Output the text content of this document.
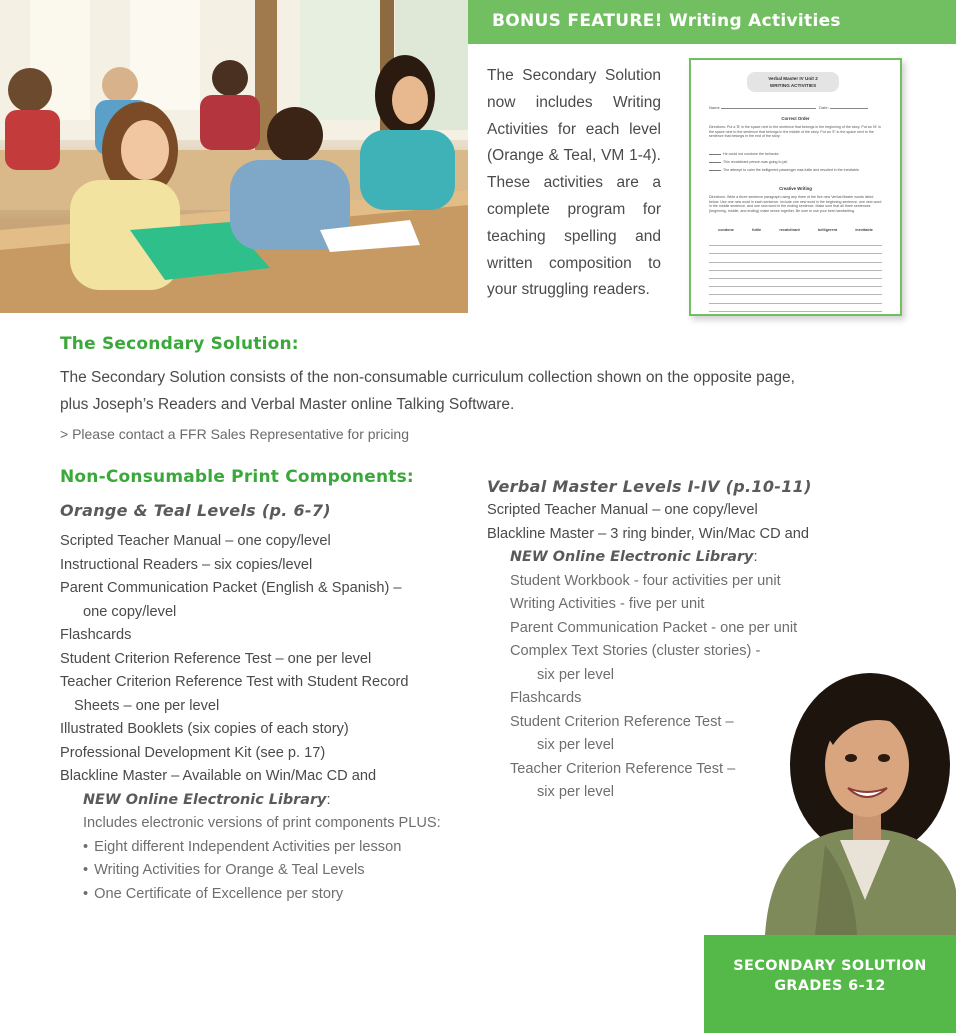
BONUS FEATURE! Writing Activities
The Secondary Solution now includes Writing Activities for each level (Orange & Teal, VM 1-4). These activities are a complete program for teaching spelling and written composition to your struggling readers.
Verbal Master IV Unit 2
WRITING ACTIVITIES
Name	Date:
Correct Order
Directions: Put a 'B' in the space next to the sentence that belongs in the beginning of the story. Put an 'M' in the space next to the sentence that belongs in the middle of the story. Put an 'E' in the space next to the sentence that belongs in the end of the story.
He could not condone the behavior.
This recalcitrant person was going to jail.
The attempt to calm the belligerent passenger was futile and resulted in the inevitable.
Creative Writing
Directions: Write a three sentence paragraph using any three of the five new Verbal Master words listed below. Use one new word in each sentence. Include one new word in the beginning sentence, one new word in the middle sentence, and one new word in the ending sentence. Make sure that all three sentences (beginning, middle, and ending) make sense together. Be sure to use your best handwriting.
condone	futile	recalcitrant	belligerent	inevitable
The Secondary Solution:
The Secondary Solution consists of the non-consumable curriculum collection shown on the opposite page,
plus Joseph’s Readers and Verbal Master online Talking Software.
> Please contact a FFR Sales Representative for pricing
Non-Consumable Print Components:
Orange & Teal Levels (p. 6-7)
Scripted Teacher Manual – one copy/level
Instructional Readers – six copies/level
Parent Communication Packet (English & Spanish) –
one copy/level
Flashcards
Student Criterion Reference Test – one per level
Teacher Criterion Reference Test with Student Record
Sheets – one per level
Illustrated Booklets (six copies of each story)
Professional Development Kit (see p. 17)
Blackline Master – Available on Win/Mac CD and
NEW Online Electronic Library:
Includes electronic versions of print components PLUS:
• Eight different Independent Activities per lesson
• Writing Activities for Orange & Teal Levels
• One Certificate of Excellence per story
Verbal Master Levels I-IV (p.10-11)
Scripted Teacher Manual – one copy/level
Blackline Master – 3 ring binder, Win/Mac CD and
NEW Online Electronic Library:
Student Workbook - four activities per unit
Writing Activities - five per unit
Parent Communication Packet - one per unit
Complex Text Stories (cluster stories) -
six per level
Flashcards
Student Criterion Reference Test –
six per level
Teacher Criterion Reference Test –
six per level
SECONDARY SOLUTION
GRADES 6-12
